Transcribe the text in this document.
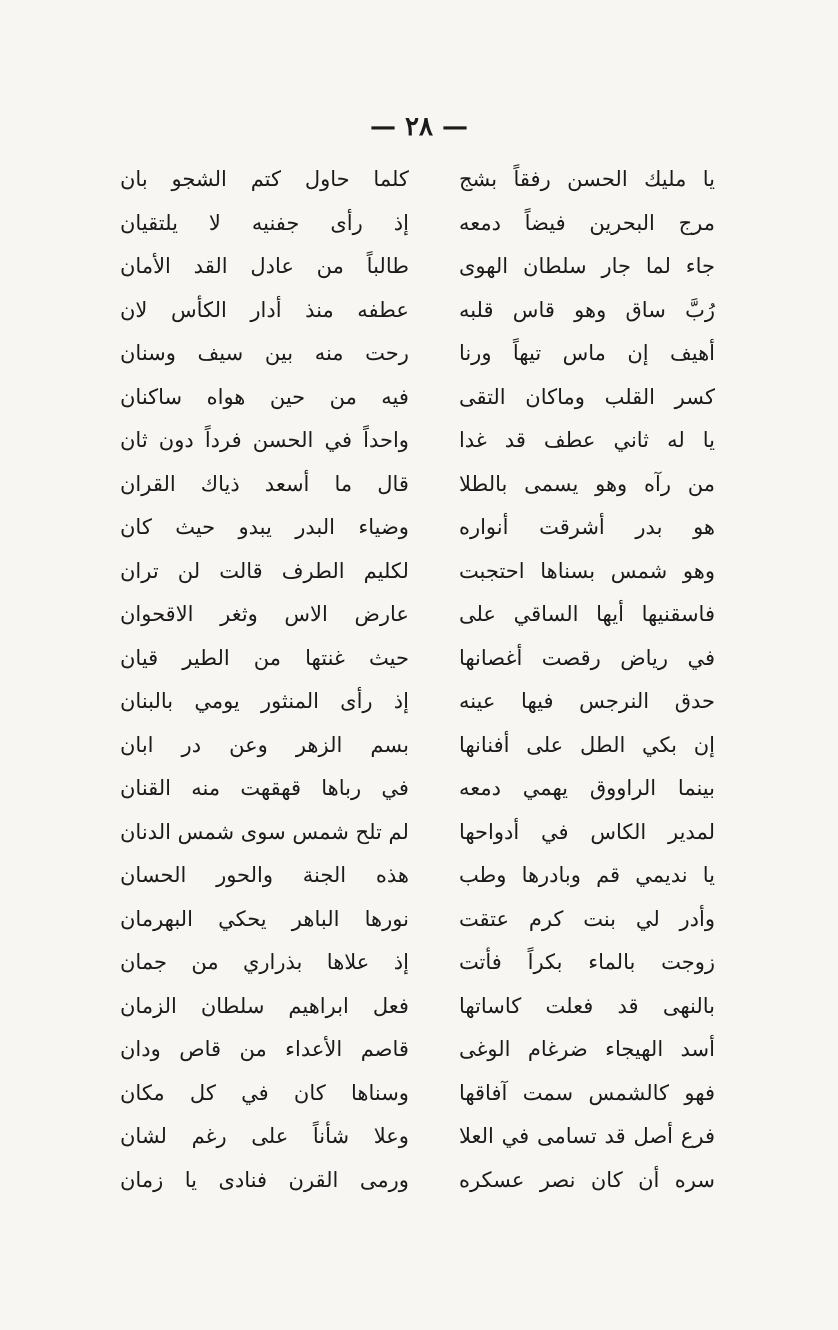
— ٢٨ —
يا مليك الحسن رفقاً بشج
مرج البحرين فيضاً دمعه
جاء لما جار سلطان الهوى
رُبَّ ساق وهو قاس قلبه
أهيف إن ماس تيهاً ورنا
كسر القلب وماكان التقى
يا له ثاني عطف قد غدا
من رآه وهو يسمى بالطلا
هو بدر أشرقت أنواره
وهو شمس بسناها احتجبت
فاسقنيها أيها الساقي على
في رياض رقصت أغصانها
حدق النرجس فيها عينه
إن بكي الطل على أفنانها
بينما الراووق يهمي دمعه
لمدير الكاس في أدواحها
يا نديمي قم وبادرها وطب
وأدر لي بنت كرم عتقت
زوجت بالماء بكراً فأتت
بالنهى قد فعلت كاساتها
أسد الهيجاء ضرغام الوغى
فهو كالشمس سمت آفاقها
فرع أصل قد تسامى في العلا
سره أن كان نصر عسكره
كلما حاول كتم الشجو بان
إذ رأى جفنيه لا يلتقيان
طالباً من عادل القد الأمان
عطفه منذ أدار الكأس لان
رحت منه بين سيف وسنان
فيه من حين هواه ساكنان
واحداً في الحسن فرداً دون ثان
قال ما أسعد ذياك القران
وضياء البدر يبدو حيث كان
لكليم الطرف قالت لن تران
عارض الاس وثغر الاقحوان
حيث غنتها من الطير قيان
إذ رأى المنثور يومي بالبنان
بسم الزهر وعن در ابان
في رباها قهقهت منه القنان
لم تلح شمس سوى شمس الدنان
هذه الجنة والحور الحسان
نورها الباهر يحكي البهرمان
إذ علاها بذراري من جمان
فعل ابراهيم سلطان الزمان
قاصم الأعداء من قاص ودان
وسناها كان في كل مكان
وعلا شأناً على رغم لشان
ورمى القرن فنادى يا زمان
